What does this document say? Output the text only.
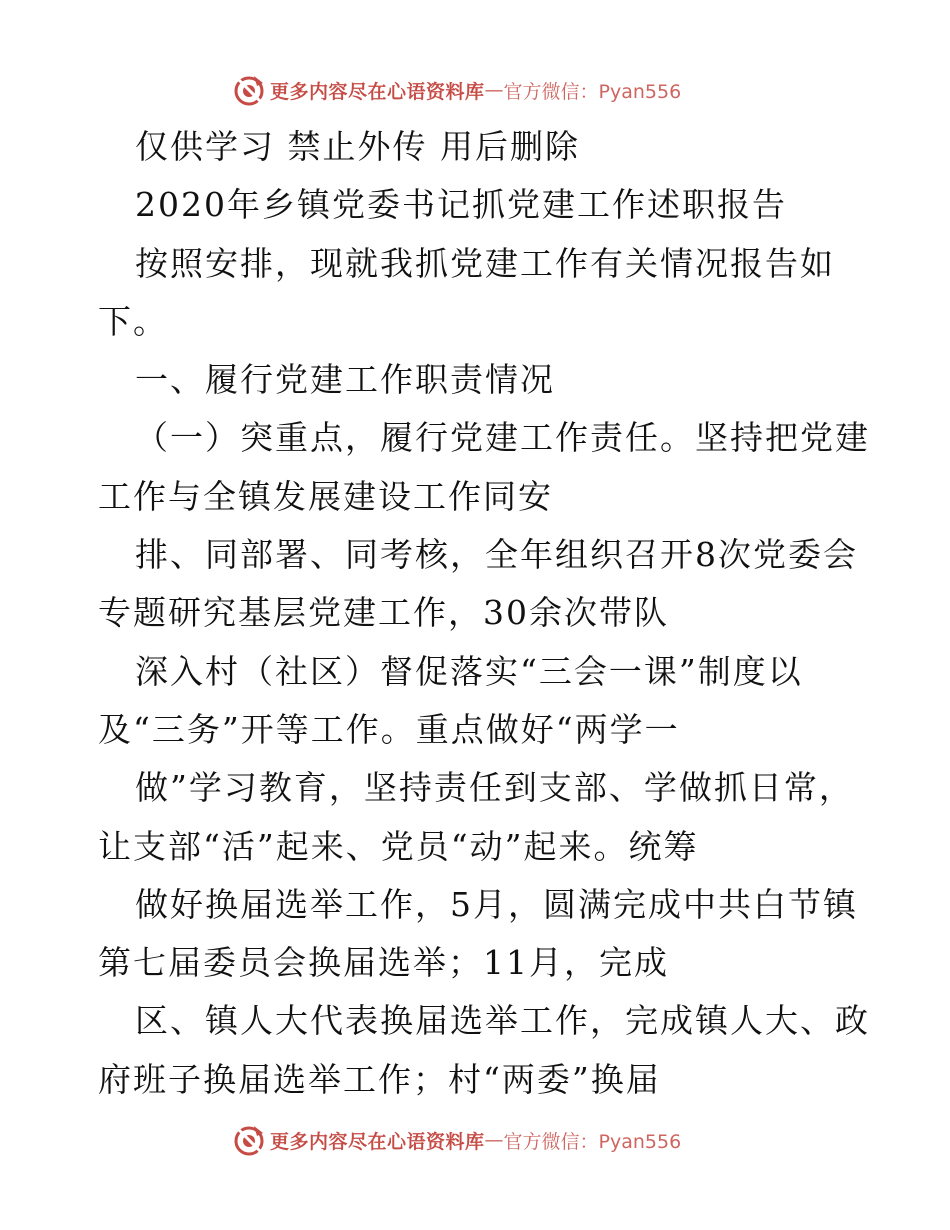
更多内容尽在心语资料库 — 官方微信：Pyan556
仅供学习 禁止外传 用后删除
2020年乡镇党委书记抓党建工作述职报告
按照安排，现就我抓党建工作有关情况报告如
下。
一、履行党建工作职责情况
（一）突重点，履行党建工作责任。坚持把党建
工作与全镇发展建设工作同安
排、同部署、同考核，全年组织召开8次党委会
专题研究基层党建工作，30余次带队
深入村（社区）督促落实“三会一课”制度以
及“三务”开等工作。重点做好“两学一
做”学习教育，坚持责任到支部、学做抓日常，
让支部“活”起来、党员“动”起来。统筹
做好换届选举工作，5月，圆满完成中共白节镇
第七届委员会换届选举；11月，完成
区、镇人大代表换届选举工作，完成镇人大、政
府班子换届选举工作；村“两委”换届
更多内容尽在心语资料库 — 官方微信：Pyan556
